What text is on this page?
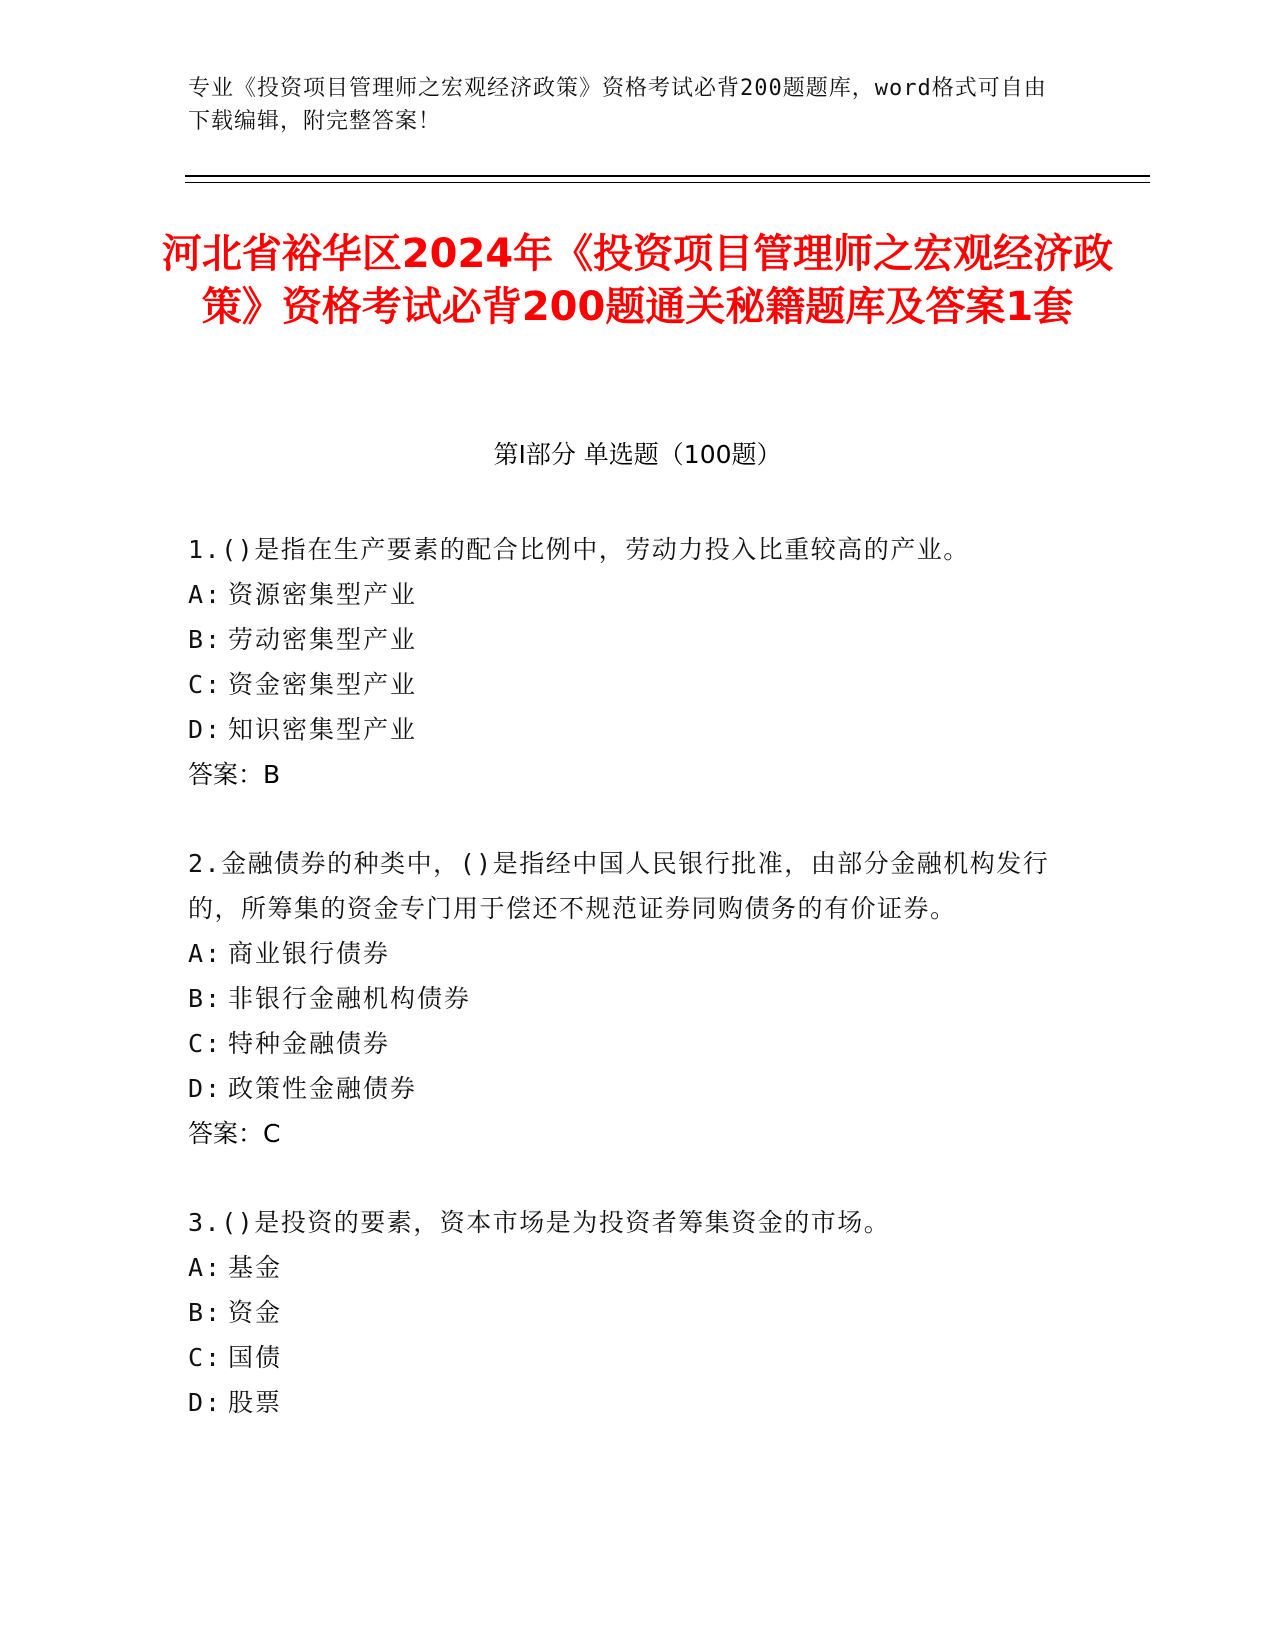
专业《投资项目管理师之宏观经济政策》资格考试必背200题题库，word格式可自由下载编辑，附完整答案！
河北省裕华区2024年《投资项目管理师之宏观经济政策》资格考试必背200题通关秘籍题库及答案1套
第Ⅰ部分 单选题（100题）
1.()是指在生产要素的配合比例中，劳动力投入比重较高的产业。
A: 资源密集型产业
B: 劳动密集型产业
C: 资金密集型产业
D: 知识密集型产业
答案：B
2.金融债券的种类中，()是指经中国人民银行批准，由部分金融机构发行的，所筹集的资金专门用于偿还不规范证券同购债务的有价证券。
A: 商业银行债券
B: 非银行金融机构债券
C: 特种金融债券
D: 政策性金融债券
答案：C
3.()是投资的要素，资本市场是为投资者筹集资金的市场。
A: 基金
B: 资金
C: 国债
D: 股票
